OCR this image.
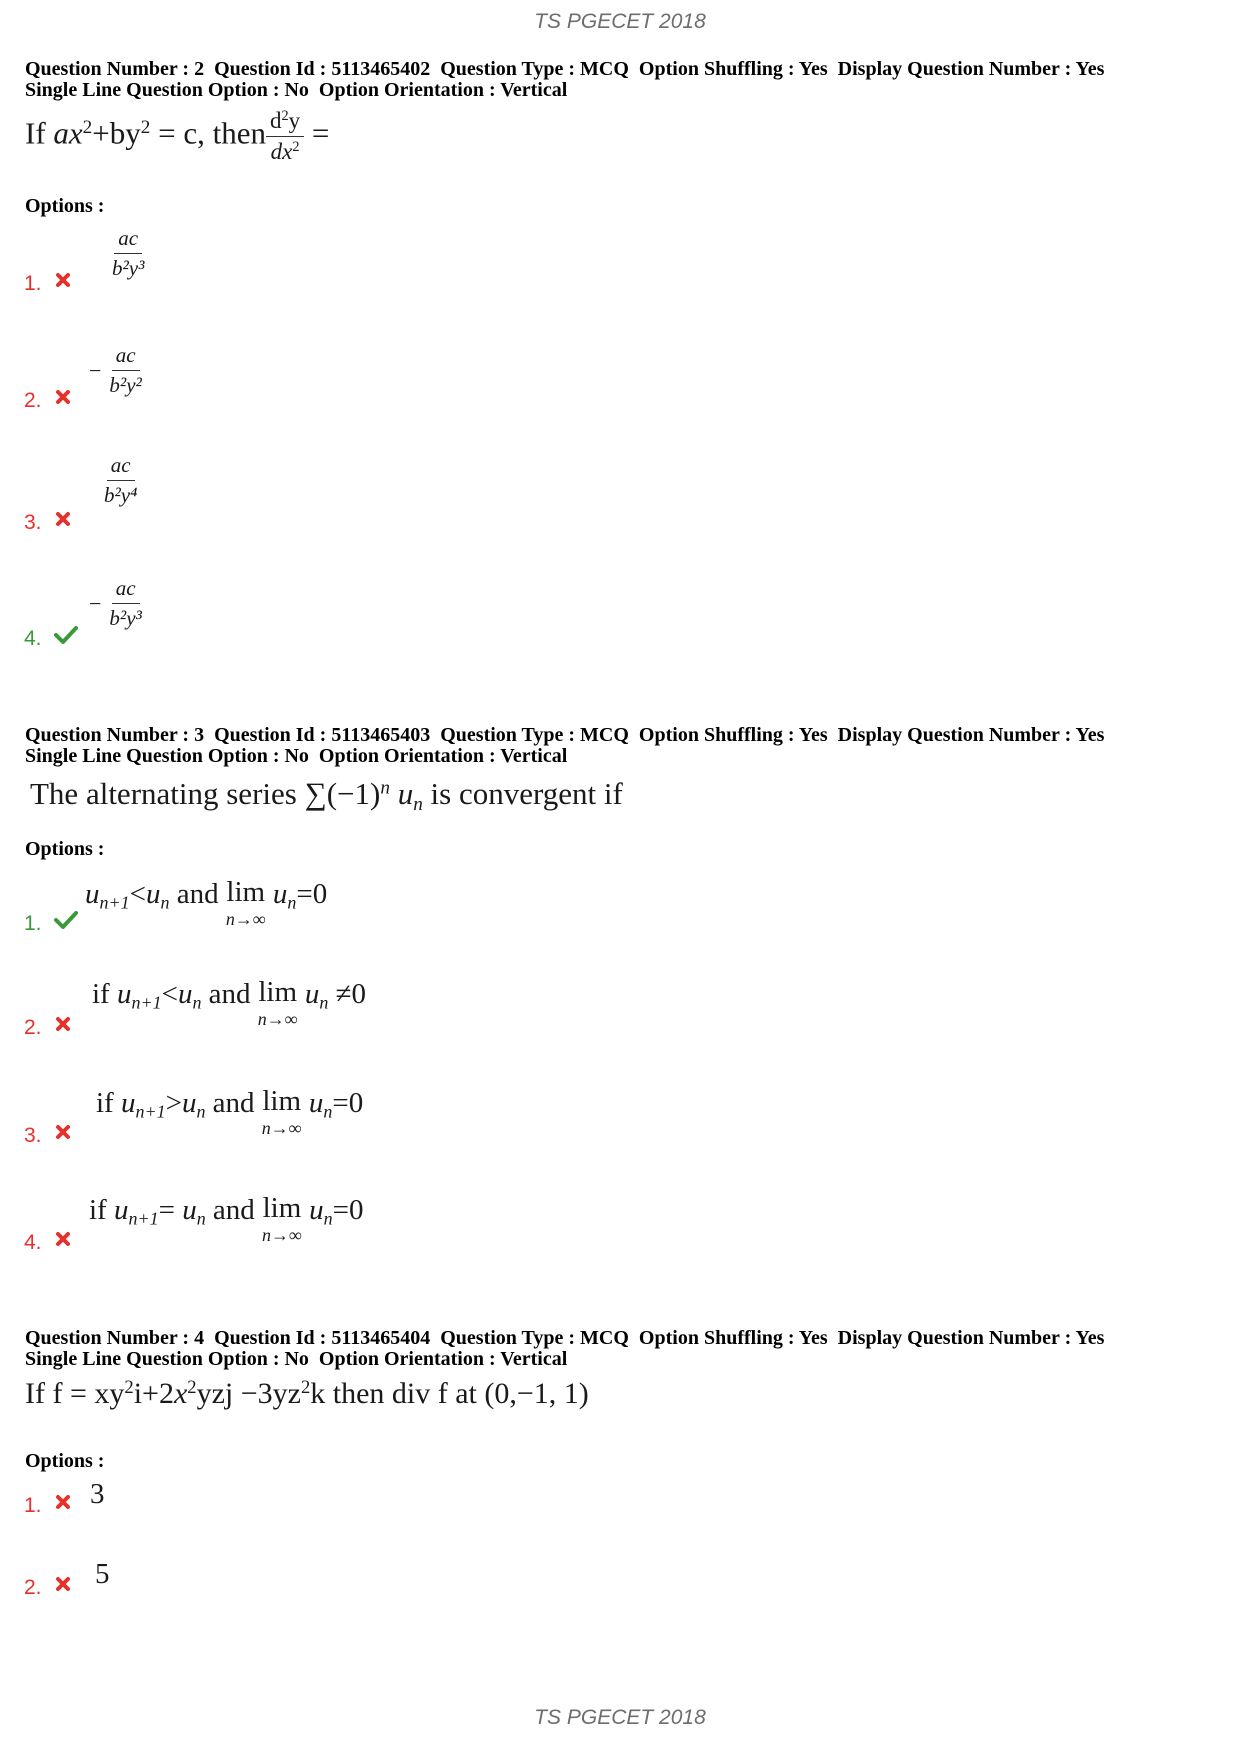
TS PGECET 2018
Question Number : 2  Question Id : 5113465402  Question Type : MCQ  Option Shuffling : Yes  Display Question Number : Yes
Single Line Question Option : No  Option Orientation : Vertical
If $ax^2+by^2 = c$, then $\frac{d^2y}{dx^2}$ =
Options :
1.
$\frac{ac}{\text{b²y³}}$
2.
− $\frac{ac}{\text{b²y²}}$
3.
$\frac{ac}{\text{b²y⁴}}$
4.
− $\frac{ac}{\text{b²y³}}$
Question Number : 3  Question Id : 5113465403  Question Type : MCQ  Option Shuffling : Yes  Display Question Number : Yes
Single Line Question Option : No  Option Orientation : Vertical
The alternating series $\sum(-1)^n$ $u_n$ is convergent if
Options :
1.
$u_{n+1}<u_n$ and lim
n→∞
$u_n=0$
2.
if $u_{n+1}<u_n$ and lim
n→∞
$u_n \ne 0$
3.
if $u_{n+1}>u_n$ and lim
n→∞
$u_n=0$
4.
if $u_{n+1}= u_n$ and lim
n→∞
$u_n=0$
Question Number : 4  Question Id : 5113465404  Question Type : MCQ  Option Shuffling : Yes  Display Question Number : Yes
Single Line Question Option : No  Option Orientation : Vertical
If $f = xy^2i+2x^2yzj -3yz^2k$ then div f at (0,−1, 1)
Options :
1. 3
2. 5
TS PGECET 2018
